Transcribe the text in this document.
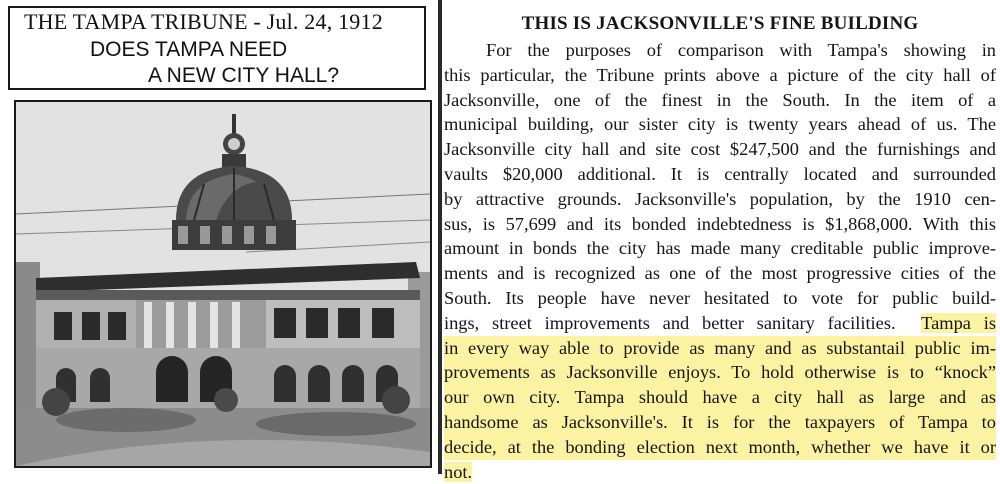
THE TAMPA TRIBUNE - Jul. 24, 1912
DOES TAMPA NEED
A NEW CITY HALL?
THIS IS JACKSONVILLE'S FINE BUILDING
For the purposes of comparison with Tampa's showing in
this particular, the Tribune prints above a picture of the city hall of
Jacksonville, one of the finest in the South. In the item of a
municipal building, our sister city is twenty years ahead of us. The
Jacksonville city hall and site cost $247,500 and the furnishings and
vaults $20,000 additional. It is centrally located and surrounded
by attractive grounds. Jacksonville's population, by the 1910 cen-
sus, is 57,699 and its bonded indebtedness is $1,868,000. With this
amount in bonds the city has made many creditable public improve-
ments and is recognized as one of the most progressive cities of the
South. Its people have never hesitated to vote for public build-
ings, street improvements and better sanitary facilities. Tampa is
in every way able to provide as many and as substantail public im-
provements as Jacksonville enjoys. To hold otherwise is to “knock”
our own city. Tampa should have a city hall as large and as
handsome as Jacksonville's. It is for the taxpayers of Tampa to
decide, at the bonding election next month, whether we have it or
not.
